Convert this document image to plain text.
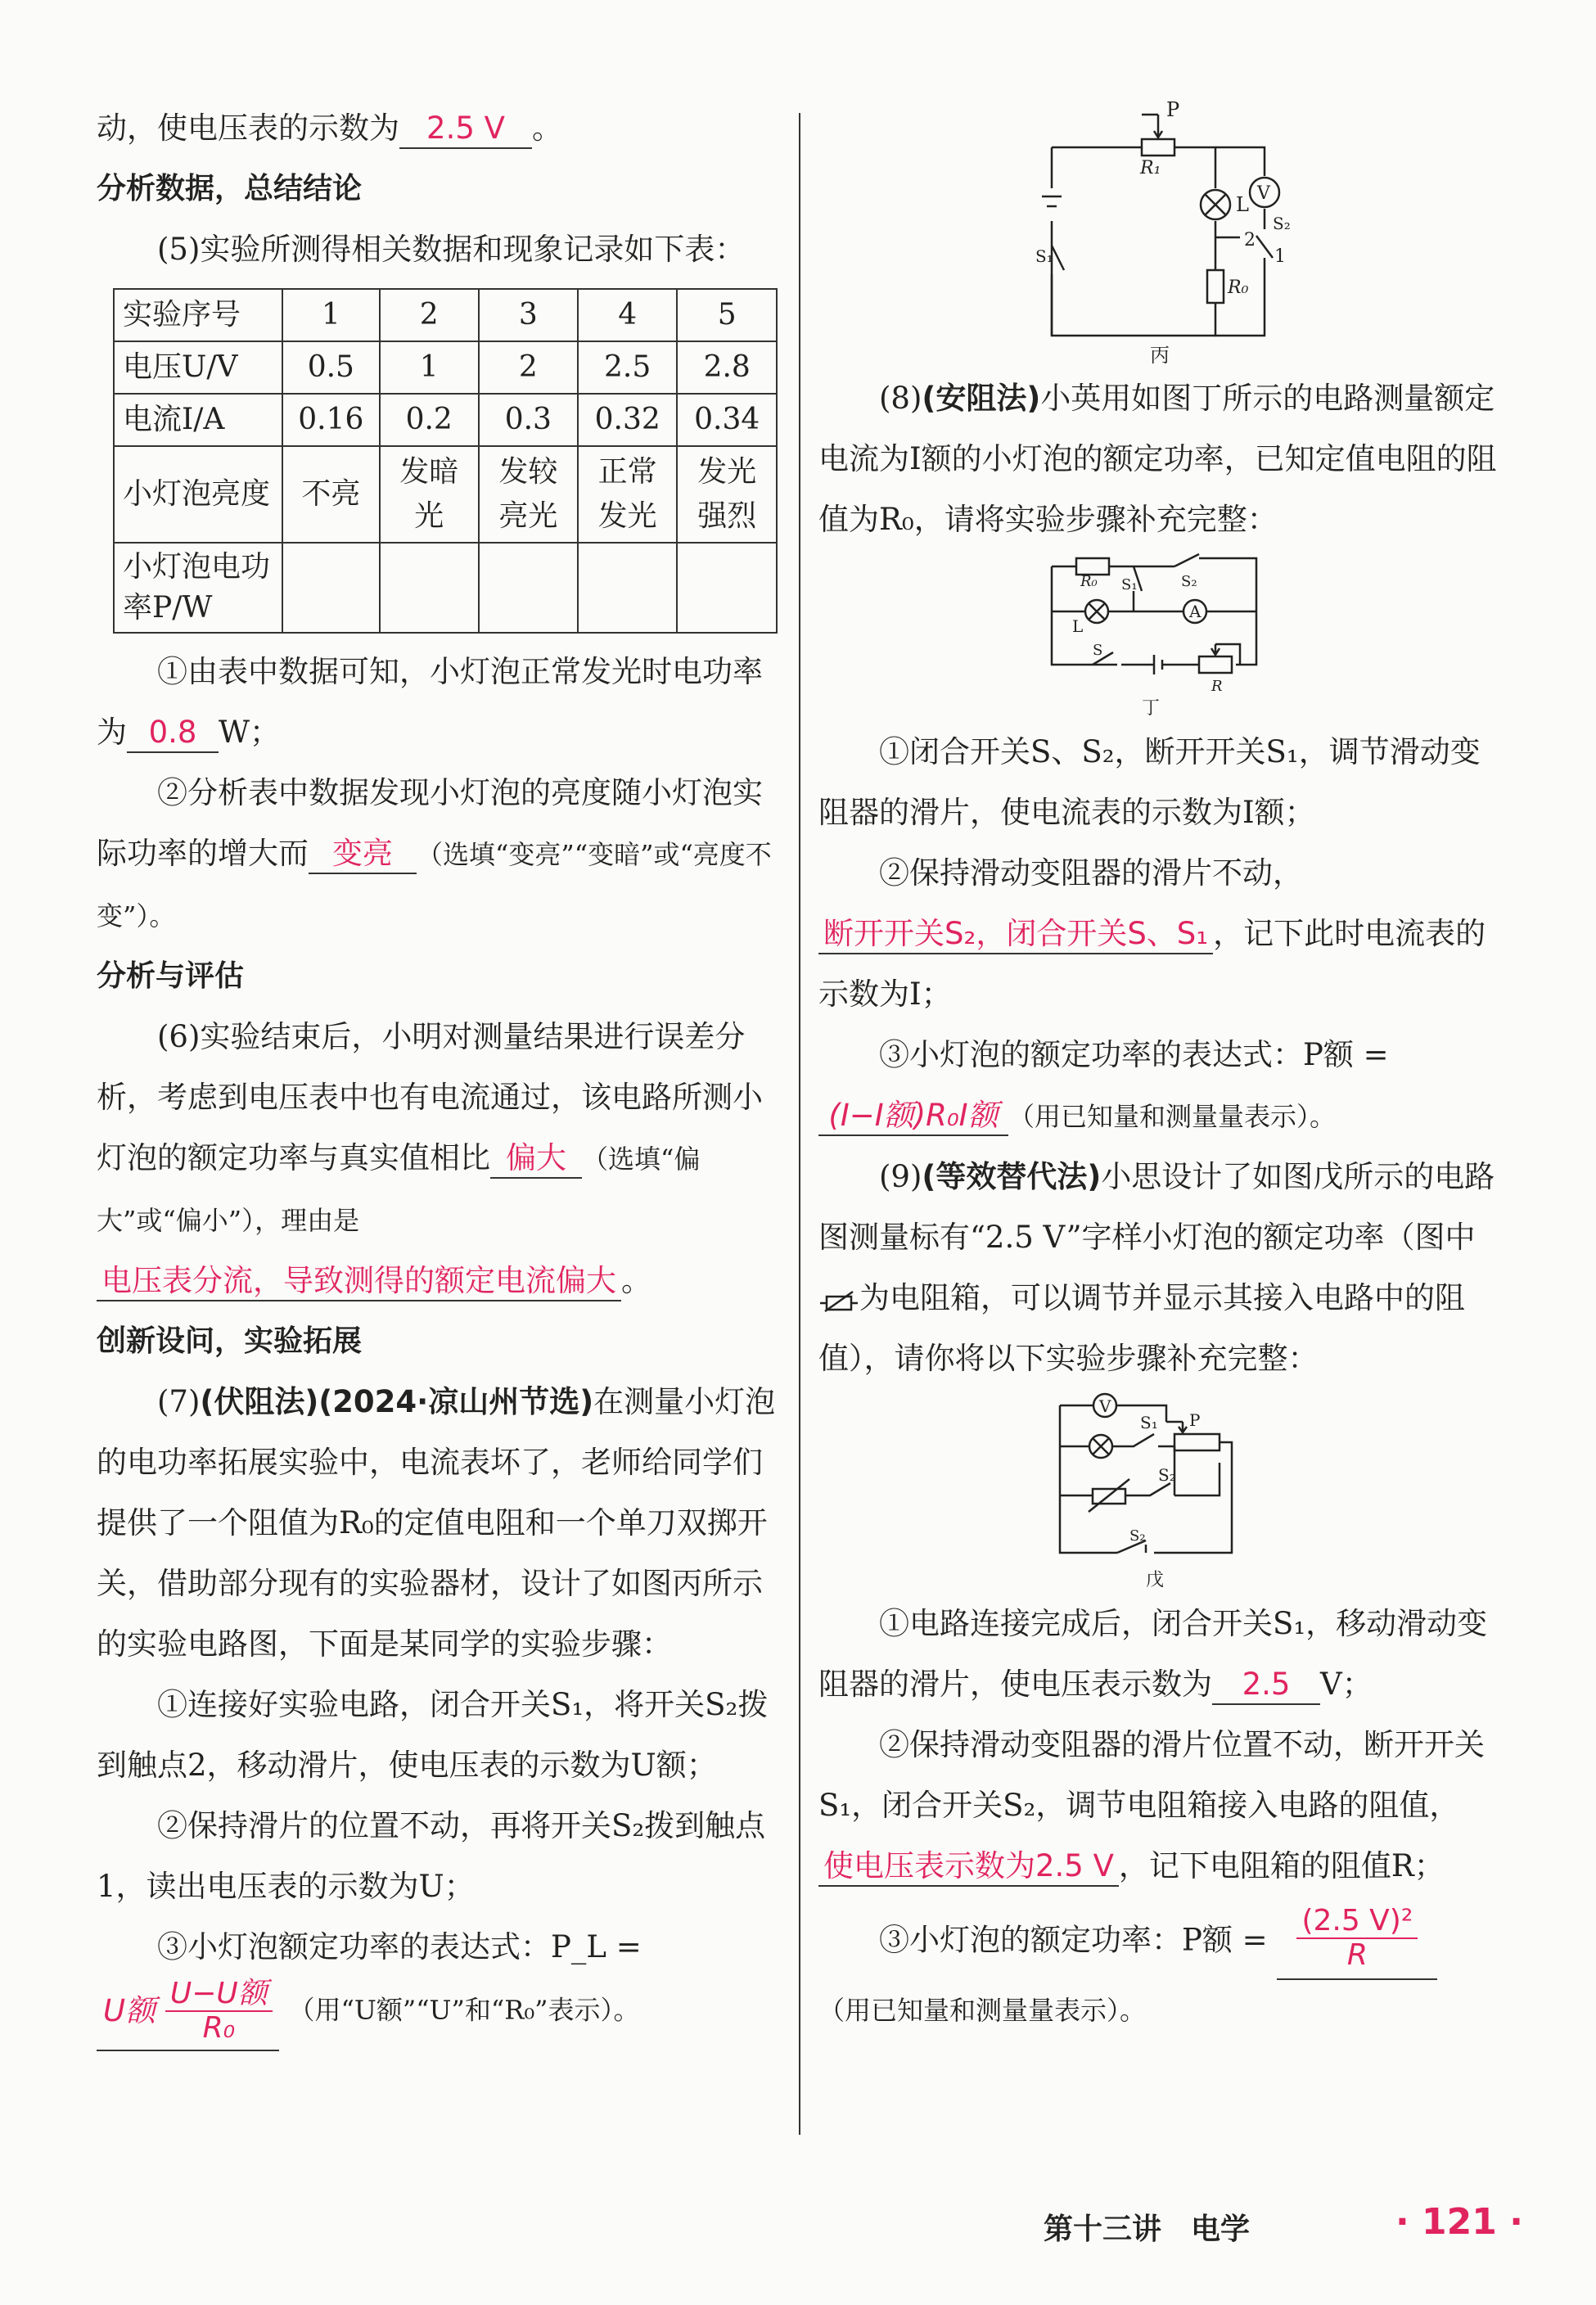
动，使电压表的示数为 2.5 V 。

分析数据，总结结论

(5)实验所测得相关数据和现象记录如下表：

实验序号	1	2	3	4	5
电压U/V	0.5	1	2	2.5	2.8
电流I/A	0.16	0.2	0.3	0.32	0.34
小灯泡亮度	不亮	发暗光	发较亮光	正常发光	发光强烈
小灯泡电功率P/W					

①由表中数据可知，小灯泡正常发光时电功率为 0.8 W；

②分析表中数据发现小灯泡的亮度随小灯泡实际功率的增大而 变亮 （选填“变亮”“变暗”或“亮度不变”）。

分析与评估

(6)实验结束后，小明对测量结果进行误差分析，考虑到电压表中也有电流通过，该电路所测小灯泡的额定功率与真实值相比 偏大 （选填“偏大”或“偏小”），理由是电压表分流，导致测得的额定电流偏大 。

创新设问，实验拓展

(7)(伏阻法)(2024·凉山州节选)在测量小灯泡的电功率拓展实验中，电流表坏了，老师给同学们提供了一个阻值为R₀的定值电阻和一个单刀双掷开关，借助部分现有的实验器材，设计了如图丙所示的实验电路图，下面是某同学的实验步骤：

①连接好实验电路，闭合开关S₁，将开关S₂拨到触点2，移动滑片，使电压表的示数为U额；

②保持滑片的位置不动，再将开关S₂拨到触点1，读出电压表的示数为U；

③小灯泡额定功率的表达式：P_L =

U额 $\frac{\text{U−U额}}{\text{R₀}}$ （用“U额”“U”和“R₀”表示）。

P
R₁
L V
2
1
S₂
S₁
R₀
丙

(8)(安阻法)小英用如图丁所示的电路测量额定电流为I额的小灯泡的额定功率，已知定值电阻的阻值为R₀，请将实验步骤补充完整：

R₀ S₁	S₂
L
A
S
R
丁

①闭合开关S、S₂，断开开关S₁，调节滑动变阻器的滑片，使电流表的示数为I额；

②保持滑动变阻器的滑片不动，断开开关S₂，闭合开关S、S₁ ，记下此时电流表的示数为I；

③小灯泡的额定功率的表达式：P额 = (I−I额)R₀I额 （用已知量和测量量表示）。

(9)(等效替代法)小思设计了如图戊所示的电路图测量标有“2.5 V”字样小灯泡的额定功率（图中为电阻箱，可以调节并显示其接入电路中的阻值），请你将以下实验步骤补充完整：

V
S₁ P
S₂
S₂
戊

①电路连接完成后，闭合开关S₁，移动滑动变阻器的滑片，使电压表示数为 2.5 V；

②保持滑动变阻器的滑片位置不动，断开开关S₁，闭合开关S₂，调节电阻箱接入电路的阻值，使电压表示数为2.5 V ，记下电阻箱的阻值R；

③小灯泡的额定功率：P额 = $\frac{\text{(2.5 V)²}}{R}$

（用已知量和测量量表示）。

第十三讲　电学	· 121 ·
